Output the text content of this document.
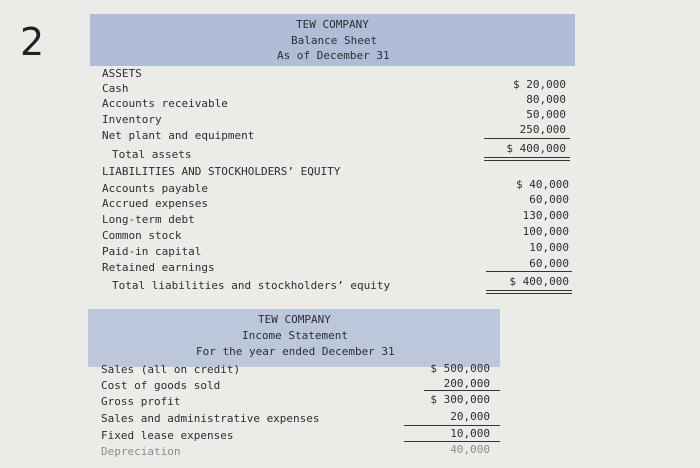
2	TEW COMPANY
Balance Sheet
As of December 31
ASSETS
Cash	$ 20,000
Accounts receivable	80,000
Inventory	50,000
Net plant and equipment	250,000
Total assets	$ 400,000
LIABILITIES AND STOCKHOLDERS’ EQUITY
Accounts payable	$ 40,000
Accrued expenses	60,000
Long-term debt	130,000
Common stock	100,000
Paid-in capital	10,000
Retained earnings	60,000
Total liabilities and stockholders’ equity	$ 400,000
TEW COMPANY
Income Statement
For the year ended December 31
Sales (all on credit)	$ 500,000
Cost of goods sold	200,000
Gross profit	$ 300,000
Sales and administrative expenses	20,000
Fixed lease expenses	10,000
Depreciation	40,000
